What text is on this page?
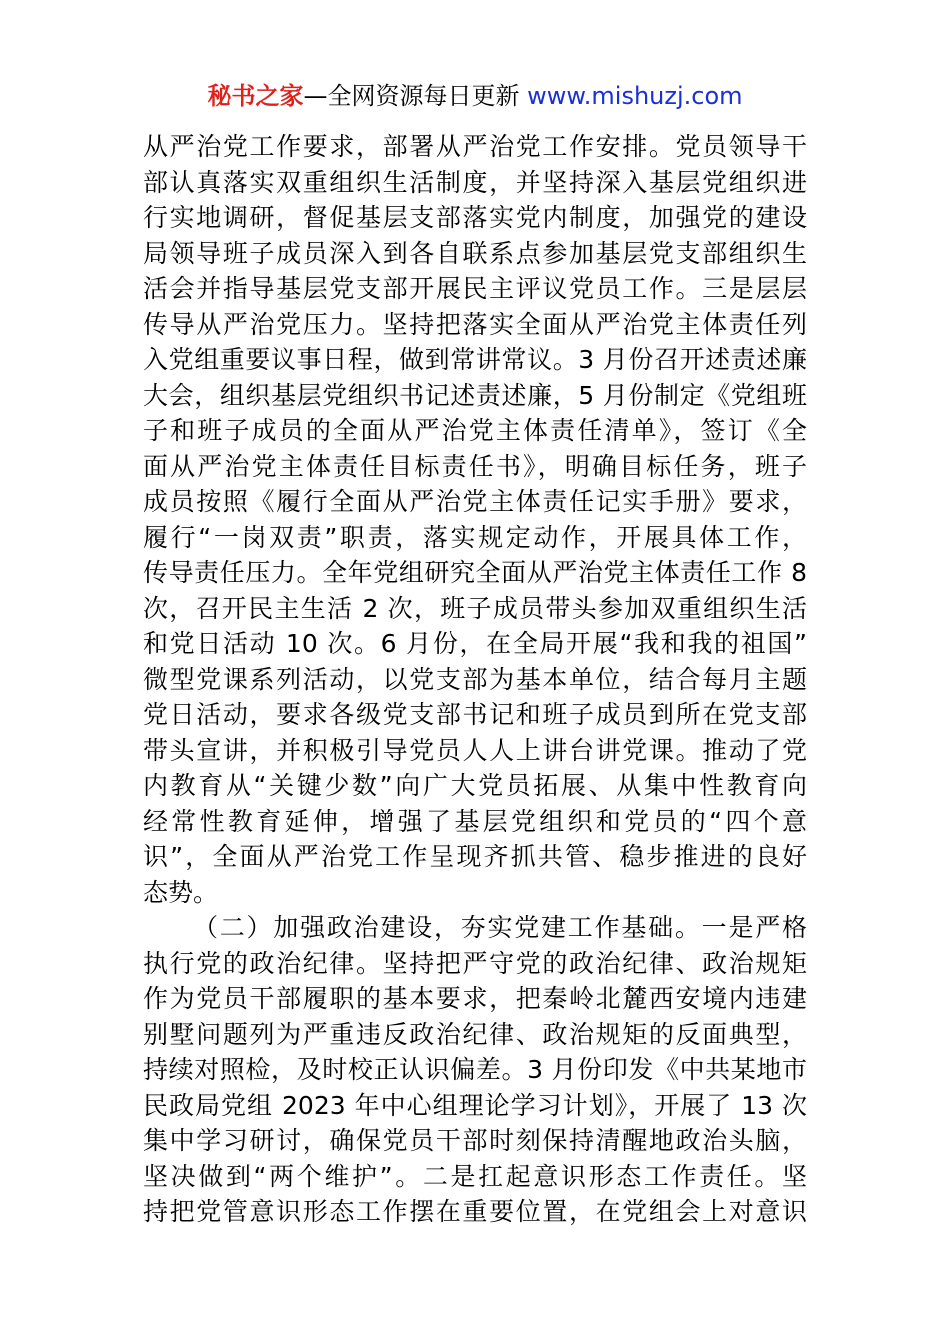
秘书之家—全网资源每日更新 www.mishuzj.com
从严治党工作要求，部署从严治党工作安排。党员领导干
部认真落实双重组织生活制度，并坚持深入基层党组织进
行实地调研，督促基层支部落实党内制度，加强党的建设
局领导班子成员深入到各自联系点参加基层党支部组织生
活会并指导基层党支部开展民主评议党员工作。三是层层
传导从严治党压力。坚持把落实全面从严治党主体责任列
入党组重要议事日程，做到常讲常议。3 月份召开述责述廉
大会，组织基层党组织书记述责述廉，5 月份制定《党组班
子和班子成员的全面从严治党主体责任清单》，签订《全
面从严治党主体责任目标责任书》，明确目标任务，班子
成员按照《履行全面从严治党主体责任记实手册》要求，
履行“一岗双责”职责，落实规定动作，开展具体工作，
传导责任压力。全年党组研究全面从严治党主体责任工作 8
次，召开民主生活 2 次，班子成员带头参加双重组织生活
和党日活动 10 次。6 月份，在全局开展“我和我的祖国”
微型党课系列活动，以党支部为基本单位，结合每月主题
党日活动，要求各级党支部书记和班子成员到所在党支部
带头宣讲，并积极引导党员人人上讲台讲党课。推动了党
内教育从“关键少数”向广大党员拓展、从集中性教育向
经常性教育延伸，增强了基层党组织和党员的“四个意
识”，全面从严治党工作呈现齐抓共管、稳步推进的良好
态势。
（二）加强政治建设，夯实党建工作基础。一是严格
执行党的政治纪律。坚持把严守党的政治纪律、政治规矩
作为党员干部履职的基本要求，把秦岭北麓西安境内违建
别墅问题列为严重违反政治纪律、政治规矩的反面典型，
持续对照检，及时校正认识偏差。3 月份印发《中共某地市
民政局党组 2023 年中心组理论学习计划》，开展了 13 次
集中学习研讨，确保党员干部时刻保持清醒地政治头脑，
坚决做到“两个维护”。二是扛起意识形态工作责任。坚
持把党管意识形态工作摆在重要位置，在党组会上对意识
